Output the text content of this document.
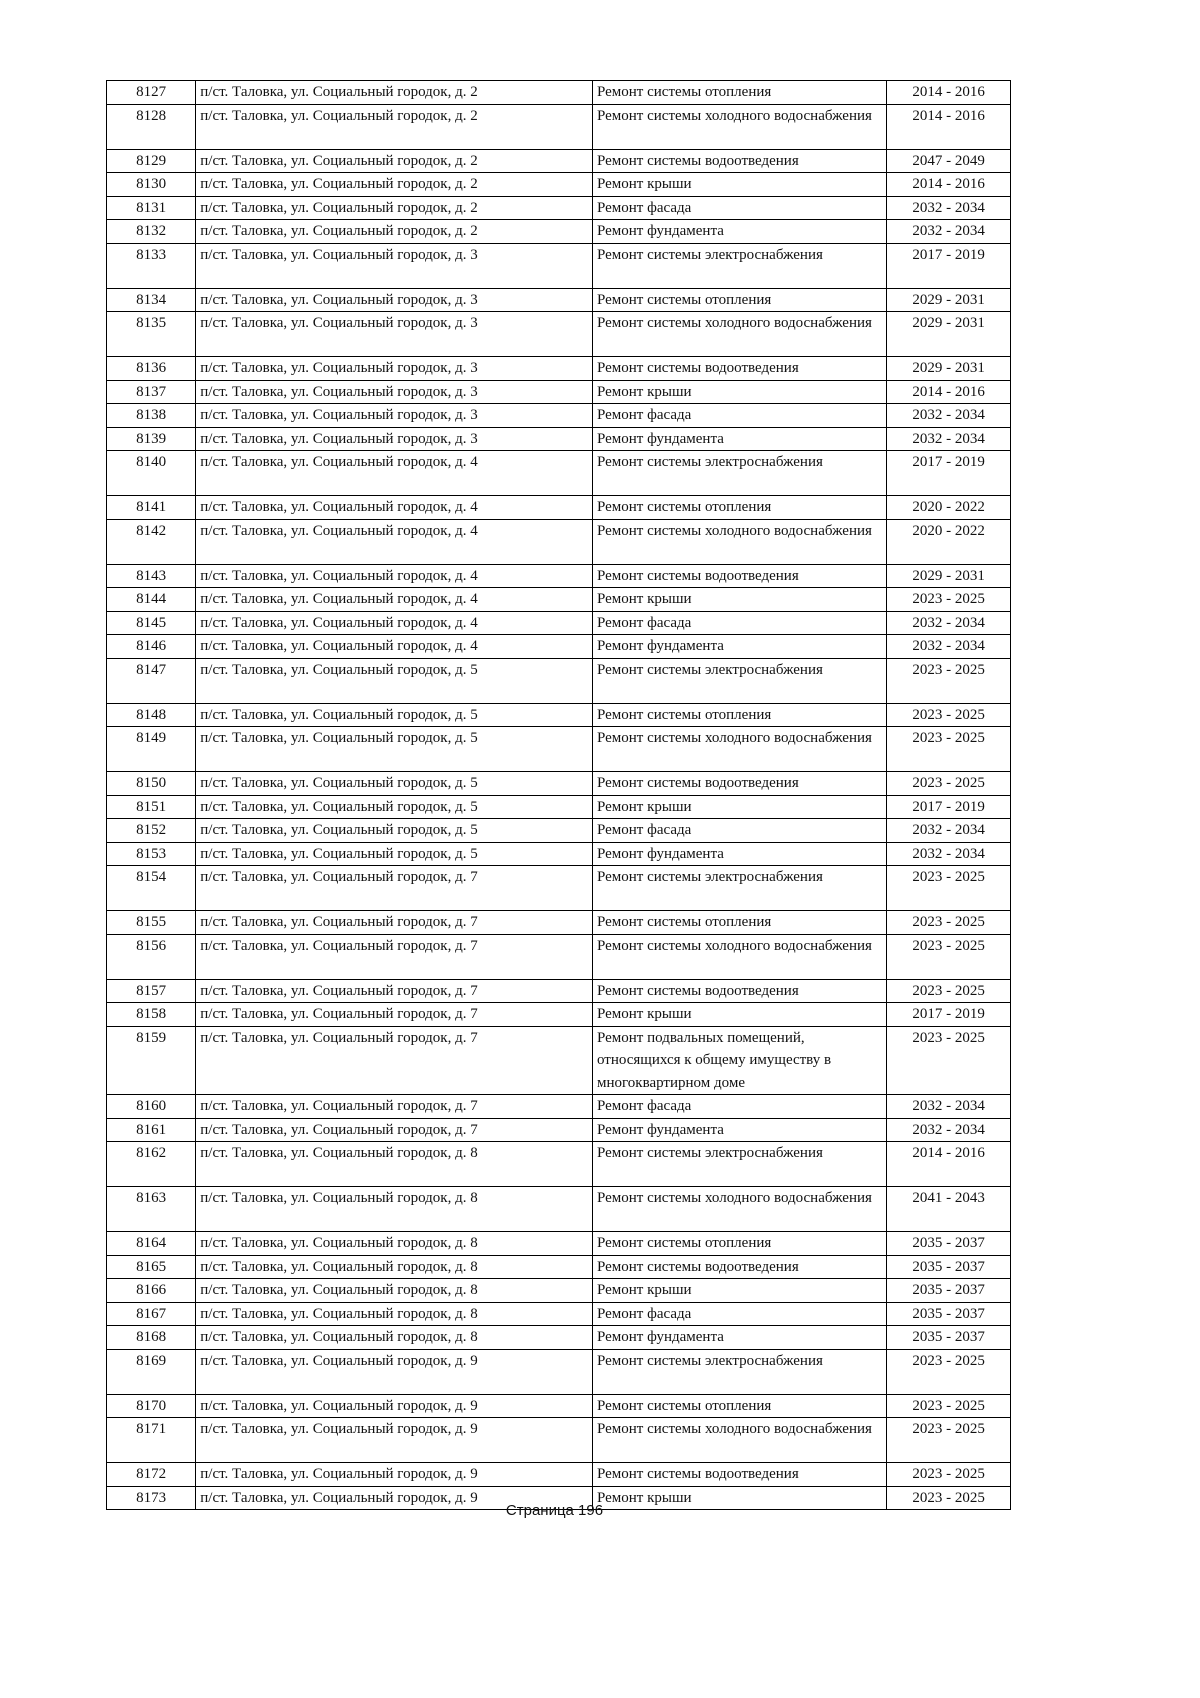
8127	п/ст. Таловка, ул. Социальный городок, д. 2	Ремонт системы отопления	2014 - 2016
8128	п/ст. Таловка, ул. Социальный городок, д. 2	Ремонт системы холодного водоснабжения	2014 - 2016
8129	п/ст. Таловка, ул. Социальный городок, д. 2	Ремонт системы водоотведения	2047 - 2049
8130	п/ст. Таловка, ул. Социальный городок, д. 2	Ремонт крыши	2014 - 2016
8131	п/ст. Таловка, ул. Социальный городок, д. 2	Ремонт фасада	2032 - 2034
8132	п/ст. Таловка, ул. Социальный городок, д. 2	Ремонт фундамента	2032 - 2034
8133	п/ст. Таловка, ул. Социальный городок, д. 3	Ремонт системы электроснабжения	2017 - 2019
8134	п/ст. Таловка, ул. Социальный городок, д. 3	Ремонт системы отопления	2029 - 2031
8135	п/ст. Таловка, ул. Социальный городок, д. 3	Ремонт системы холодного водоснабжения	2029 - 2031
8136	п/ст. Таловка, ул. Социальный городок, д. 3	Ремонт системы водоотведения	2029 - 2031
8137	п/ст. Таловка, ул. Социальный городок, д. 3	Ремонт крыши	2014 - 2016
8138	п/ст. Таловка, ул. Социальный городок, д. 3	Ремонт фасада	2032 - 2034
8139	п/ст. Таловка, ул. Социальный городок, д. 3	Ремонт фундамента	2032 - 2034
8140	п/ст. Таловка, ул. Социальный городок, д. 4	Ремонт системы электроснабжения	2017 - 2019
8141	п/ст. Таловка, ул. Социальный городок, д. 4	Ремонт системы отопления	2020 - 2022
8142	п/ст. Таловка, ул. Социальный городок, д. 4	Ремонт системы холодного водоснабжения	2020 - 2022
8143	п/ст. Таловка, ул. Социальный городок, д. 4	Ремонт системы водоотведения	2029 - 2031
8144	п/ст. Таловка, ул. Социальный городок, д. 4	Ремонт крыши	2023 - 2025
8145	п/ст. Таловка, ул. Социальный городок, д. 4	Ремонт фасада	2032 - 2034
8146	п/ст. Таловка, ул. Социальный городок, д. 4	Ремонт фундамента	2032 - 2034
8147	п/ст. Таловка, ул. Социальный городок, д. 5	Ремонт системы электроснабжения	2023 - 2025
8148	п/ст. Таловка, ул. Социальный городок, д. 5	Ремонт системы отопления	2023 - 2025
8149	п/ст. Таловка, ул. Социальный городок, д. 5	Ремонт системы холодного водоснабжения	2023 - 2025
8150	п/ст. Таловка, ул. Социальный городок, д. 5	Ремонт системы водоотведения	2023 - 2025
8151	п/ст. Таловка, ул. Социальный городок, д. 5	Ремонт крыши	2017 - 2019
8152	п/ст. Таловка, ул. Социальный городок, д. 5	Ремонт фасада	2032 - 2034
8153	п/ст. Таловка, ул. Социальный городок, д. 5	Ремонт фундамента	2032 - 2034
8154	п/ст. Таловка, ул. Социальный городок, д. 7	Ремонт системы электроснабжения	2023 - 2025
8155	п/ст. Таловка, ул. Социальный городок, д. 7	Ремонт системы отопления	2023 - 2025
8156	п/ст. Таловка, ул. Социальный городок, д. 7	Ремонт системы холодного водоснабжения	2023 - 2025
8157	п/ст. Таловка, ул. Социальный городок, д. 7	Ремонт системы водоотведения	2023 - 2025
8158	п/ст. Таловка, ул. Социальный городок, д. 7	Ремонт крыши	2017 - 2019
8159	п/ст. Таловка, ул. Социальный городок, д. 7	Ремонт подвальных помещений, относящихся к общему имуществу в многоквартирном доме	2023 - 2025
8160	п/ст. Таловка, ул. Социальный городок, д. 7	Ремонт фасада	2032 - 2034
8161	п/ст. Таловка, ул. Социальный городок, д. 7	Ремонт фундамента	2032 - 2034
8162	п/ст. Таловка, ул. Социальный городок, д. 8	Ремонт системы электроснабжения	2014 - 2016
8163	п/ст. Таловка, ул. Социальный городок, д. 8	Ремонт системы холодного водоснабжения	2041 - 2043
8164	п/ст. Таловка, ул. Социальный городок, д. 8	Ремонт системы отопления	2035 - 2037
8165	п/ст. Таловка, ул. Социальный городок, д. 8	Ремонт системы водоотведения	2035 - 2037
8166	п/ст. Таловка, ул. Социальный городок, д. 8	Ремонт крыши	2035 - 2037
8167	п/ст. Таловка, ул. Социальный городок, д. 8	Ремонт фасада	2035 - 2037
8168	п/ст. Таловка, ул. Социальный городок, д. 8	Ремонт фундамента	2035 - 2037
8169	п/ст. Таловка, ул. Социальный городок, д. 9	Ремонт системы электроснабжения	2023 - 2025
8170	п/ст. Таловка, ул. Социальный городок, д. 9	Ремонт системы отопления	2023 - 2025
8171	п/ст. Таловка, ул. Социальный городок, д. 9	Ремонт системы холодного водоснабжения	2023 - 2025
8172	п/ст. Таловка, ул. Социальный городок, д. 9	Ремонт системы водоотведения	2023 - 2025
8173	п/ст. Таловка, ул. Социальный городок, д. 9	Ремонт крыши	2023 - 2025
Страница 196
